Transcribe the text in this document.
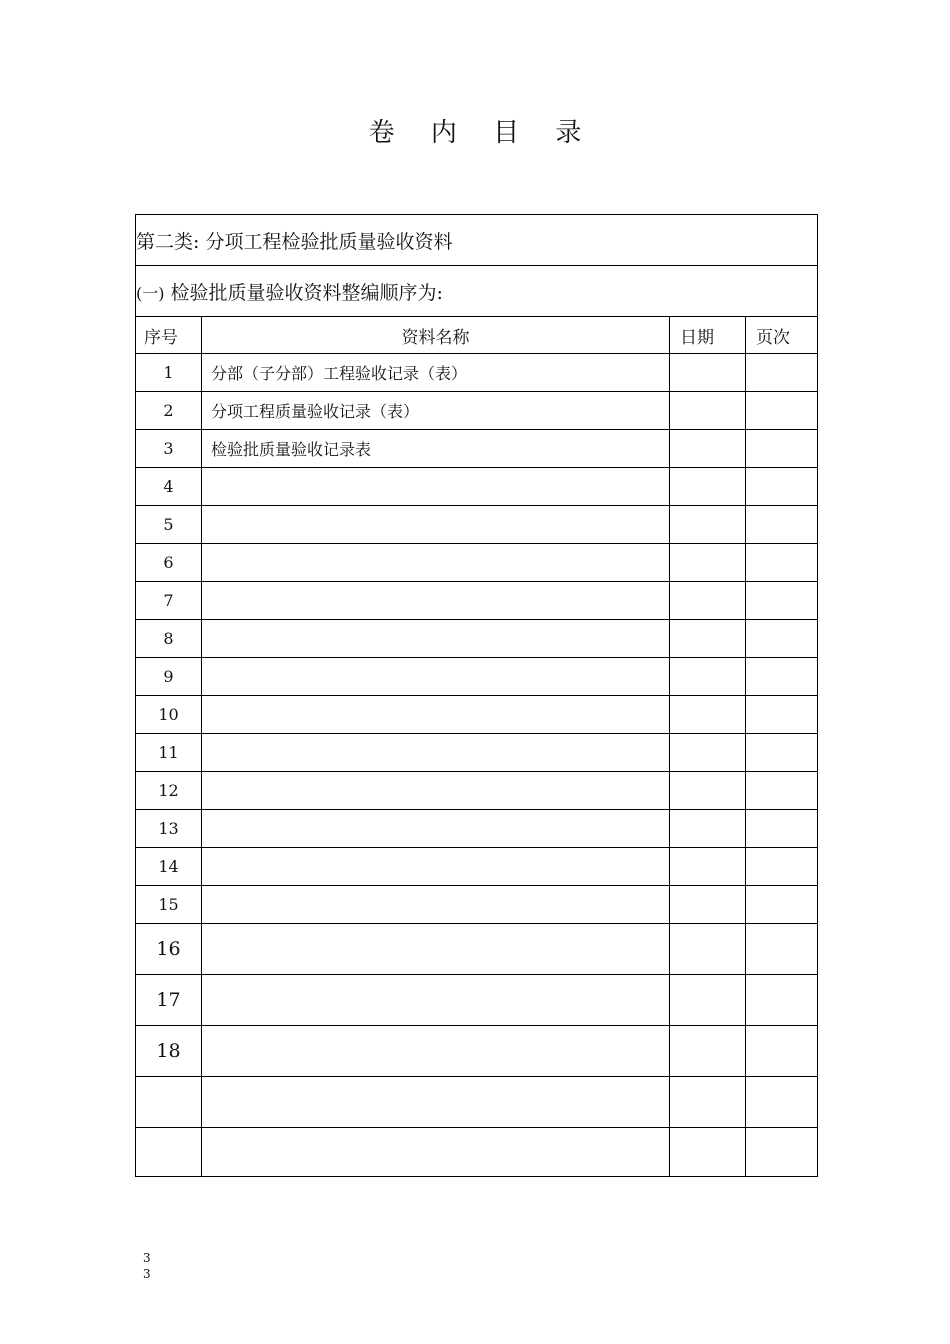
卷 内 目 录
第二类: 分项工程检验批质量验收资料			
(一) 检验批质量验收资料整编顺序为:			
序号	资料名称	日期	页次
1	分部（子分部）工程验收记录（表）		
2	分项工程质量验收记录（表）		
3	检验批质量验收记录表		
4			
5			
6			
7			
8			
9			
10			
11			
12			
13			
14			
15			
16			
17			
18			

3
3
